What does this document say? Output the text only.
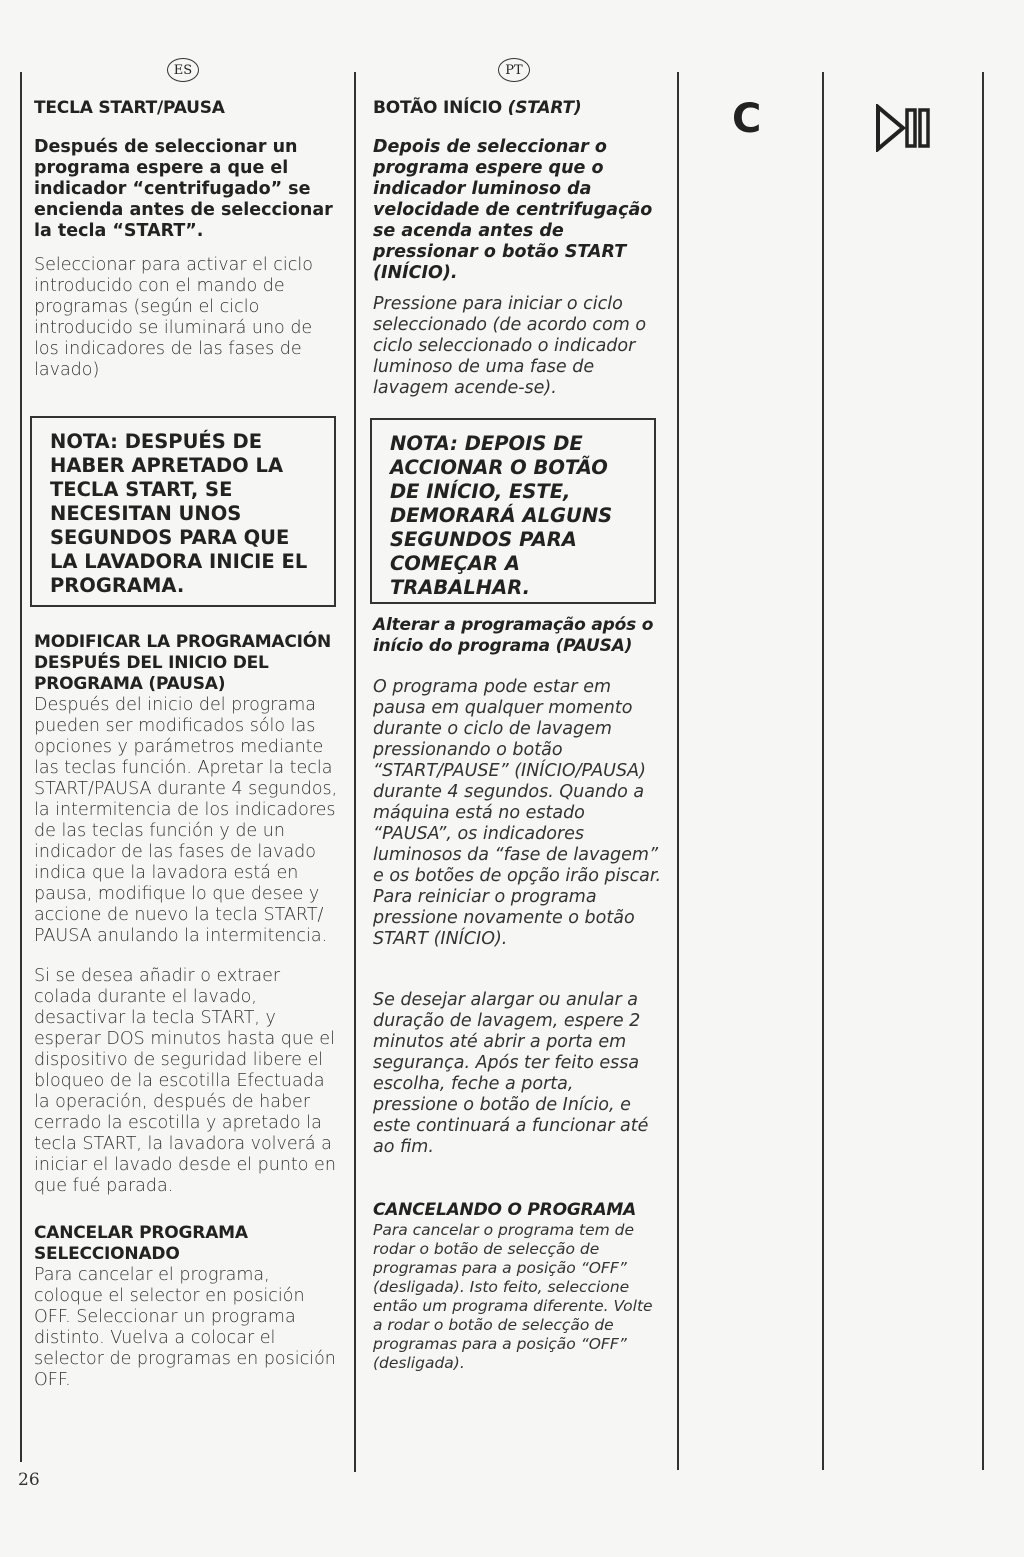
ES

TECLA START/PAUSA

Después de seleccionar un programa espere a que el indicador “centrifugado” se encienda antes de seleccionar la tecla “START”.

Seleccionar para activar el ciclo introducido con el mando de programas (según el ciclo introducido se iluminará uno de los indicadores de las fases de lavado)

NOTA: DESPUÉS DE HABER APRETADO LA TECLA START, SE NECESITAN UNOS SEGUNDOS PARA QUE LA LAVADORA INICIE EL PROGRAMA.

MODIFICAR LA PROGRAMACIÓN DESPUÉS DEL INICIO DEL PROGRAMA (PAUSA)

Después del inicio del programa pueden ser modificados sólo las opciones y parámetros mediante las teclas función. Apretar la tecla START/PAUSA durante 4 segundos, la intermitencia de los indicadores de las teclas función y de un indicador de las fases de lavado indica que la lavadora está en pausa, modifique lo que desee y accione de nuevo la tecla START/ PAUSA anulando la intermitencia.

Si se desea añadir o extraer colada durante el lavado, desactivar la tecla START, y esperar DOS minutos hasta que el dispositivo de seguridad libere el bloqueo de la escotilla Efectuada la operación, después de haber cerrado la escotilla y apretado la tecla START, la lavadora volverá a iniciar el lavado desde el punto en que fué parada.

CANCELAR PROGRAMA SELECCIONADO

Para cancelar el programa, coloque el selector en posición OFF. Seleccionar un programa distinto. Vuelva a colocar el selector de programas en posición OFF.

PT

BOTÃO INÍCIO (START)

Depois de seleccionar o programa espere que o indicador luminoso da velocidade de centrifugação se acenda antes de pressionar o botão START (INÍCIO).

Pressione para iniciar o ciclo seleccionado (de acordo com o ciclo seleccionado o indicador luminoso de uma fase de lavagem acende-se).

NOTA: DEPOIS DE ACCIONAR O BOTÃO DE INÍCIO, ESTE, DEMORARÁ ALGUNS SEGUNDOS PARA COMEÇAR A TRABALHAR.

Alterar a programação após o início do programa (PAUSA)

O programa pode estar em pausa em qualquer momento durante o ciclo de lavagem pressionando o botão “START/PAUSE” (INÍCIO/PAUSA) durante 4 segundos. Quando a máquina está no estado “PAUSA”, os indicadores luminosos da “fase de lavagem” e os botões de opção irão piscar. Para reiniciar o programa pressione novamente o botão START (INÍCIO).

Se desejar alargar ou anular a duração de lavagem, espere 2 minutos até abrir a porta em segurança. Após ter feito essa escolha, feche a porta, pressione o botão de Início, e este continuará a funcionar até ao fim.

CANCELANDO O PROGRAMA

Para cancelar o programa tem de rodar o botão de selecção de programas para a posição “OFF” (desligada). Isto feito, seleccione então um programa diferente. Volte a rodar o botão de selecção de programas para a posição “OFF” (desligada).

C
26
